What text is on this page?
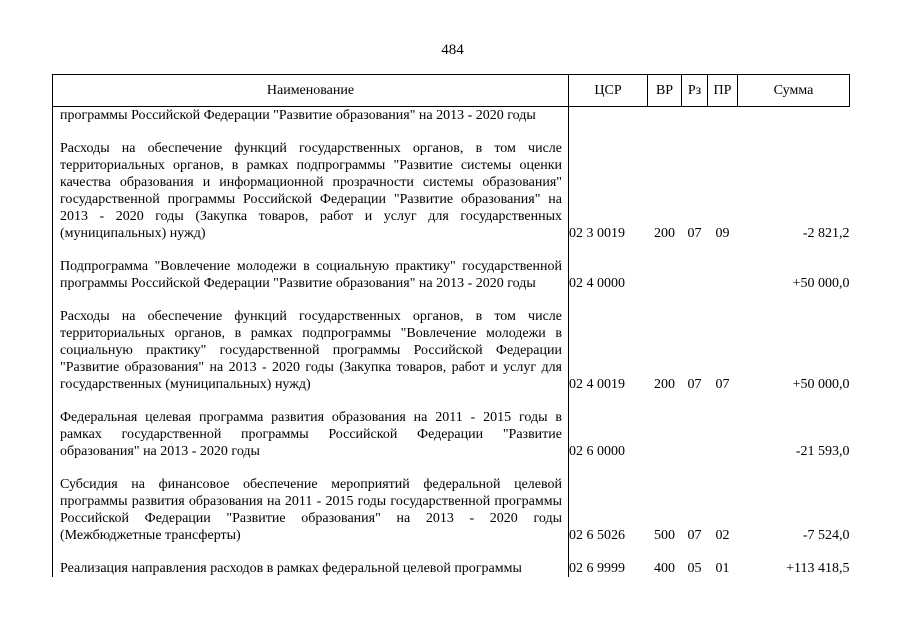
484
Наименование	ЦСР	ВР	Рз	ПР	Сумма
программы Российской Федерации "Развитие образования" на 2013 - 2020 годы					

Расходы на обеспечение функций государственных органов, в том числе территориальных органов, в рамках подпрограммы "Развитие системы оценки качества образования и информационной прозрачности системы образования" государственной программы Российской Федерации "Развитие образования" на 2013 - 2020 годы (Закупка товаров, работ и услуг для государственных (муниципальных) нужд)	02 3 0019	200	07	09	-2 821,2

Подпрограмма "Вовлечение молодежи в социальную практику" государственной программы Российской Федерации "Развитие образования" на 2013 - 2020 годы	02 4 0000				+50 000,0

Расходы на обеспечение функций государственных органов, в том числе территориальных органов, в рамках подпрограммы "Вовлечение молодежи в социальную практику" государственной программы Российской Федерации "Развитие образования" на 2013 - 2020 годы (Закупка товаров, работ и услуг для государственных (муниципальных) нужд)	02 4 0019	200	07	07	+50 000,0

Федеральная целевая программа развития образования на 2011 - 2015 годы в рамках государственной программы Российской Федерации "Развитие образования" на 2013 - 2020 годы	02 6 0000				-21 593,0

Субсидия на финансовое обеспечение мероприятий федеральной целевой программы развития образования на 2011 - 2015 годы государственной программы Российской Федерации "Развитие образования" на 2013 - 2020 годы (Межбюджетные трансферты)	02 6 5026	500	07	02	-7 524,0

Реализация направления расходов в рамках федеральной целевой программы	02 6 9999	400	05	01	+113 418,5
